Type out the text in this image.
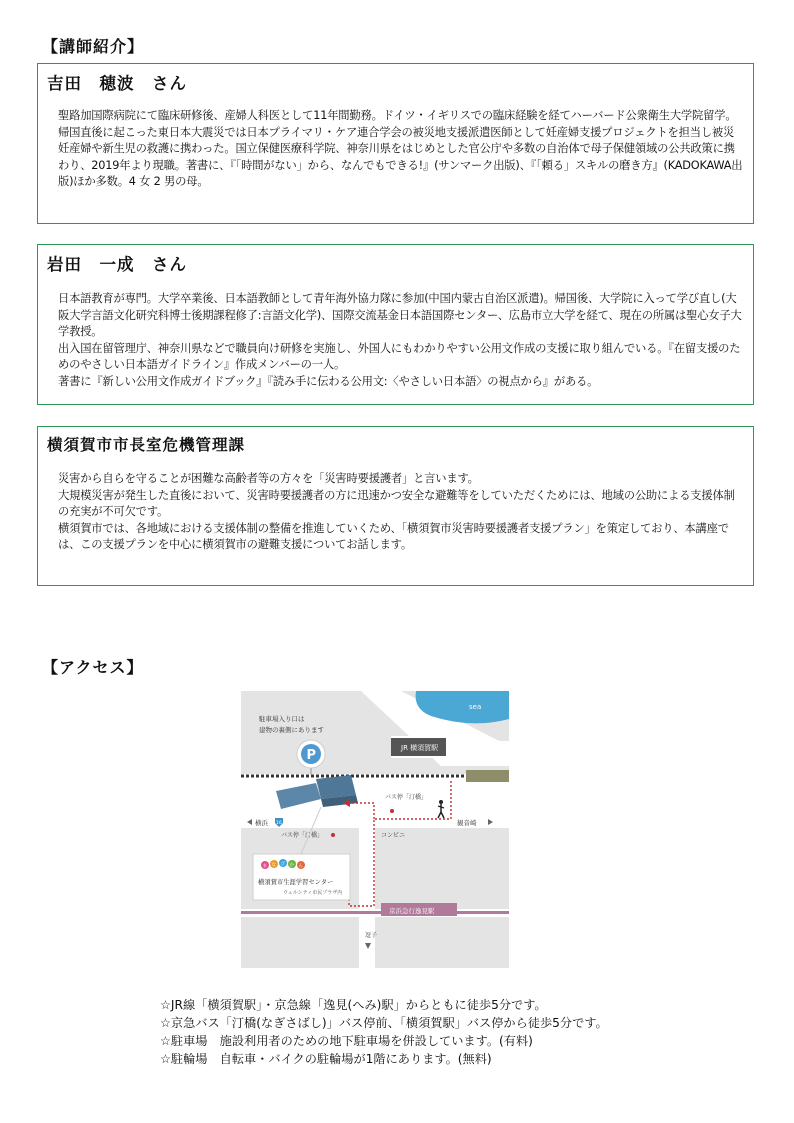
【講師紹介】
吉田　穂波　さん

聖路加国際病院にて臨床研修後、産婦人科医として11年間勤務。ドイツ・イギリスでの臨床経験を経てハーバード公衆衛生大学院留学。帰国直後に起こった東日本大震災では日本プライマリ・ケア連合学会の被災地支援派遣医師として妊産婦支援プロジェクトを担当し被災妊産婦や新生児の救護に携わった。国立保健医療科学院、神奈川県をはじめとした官公庁や多数の自治体で母子保健領域の公共政策に携わり、2019年より現職。著書に、『「時間がない」から、なんでもできる!』(サンマーク出版)、『「頼る」スキルの磨き方』(KADOKAWA出版)ほか多数。4 女 2 男の母。

岩田　一成　さん

日本語教育が専門。大学卒業後、日本語教師として青年海外協力隊に参加(中国内蒙古自治区派遣)。帰国後、大学院に入って学び直し(大阪大学言語文化研究科博士後期課程修了:言語文化学)、国際交流基金日本語国際センター、広島市立大学を経て、現在の所属は聖心女子大学教授。

出入国在留管理庁、神奈川県などで職員向け研修を実施し、外国人にもわかりやすい公用文作成の支援に取り組んでいる。『在留支援のためのやさしい日本語ガイドライン』作成メンバーの一人。

著書に『新しい公用文作成ガイドブック』『読み手に伝わる公用文:〈やさしい日本語〉の視点から』がある。

横須賀市市長室危機管理課

災害から自らを守ることが困難な高齢者等の方々を「災害時要援護者」と言います。

大規模災害が発生した直後において、災害時要援護者の方に迅速かつ安全な避難等をしていただくためには、地域の公助による支援体制の充実が不可欠です。

横須賀市では、各地域における支援体制の整備を推進していくため、「横須賀市災害時要援護者支援プラン」を策定しており、本講座では、この支援プランを中心に横須賀市の避難支援についてお話します。

【アクセス】
sea
JR 横須賀駅
駐車場入り口は
建物の裏側にあります
P
バス停「汀橋」
横浜 16	観音崎
バス停「汀橋」	コンビニ
ま な び か ん
横須賀市生涯学習センター
ウェルシティ市民プラザ内
京浜急行逸見駅
逗子
☆JR線「横須賀駅」・京急線「逸見(へみ)駅」からともに徒歩5分です。
☆京急バス「汀橋(なぎさばし)」バス停前、「横須賀駅」バス停から徒歩5分です。
☆駐車場　施設利用者のための地下駐車場を併設しています。(有料)
☆駐輪場　自転車・バイクの駐輪場が1階にあります。(無料)
